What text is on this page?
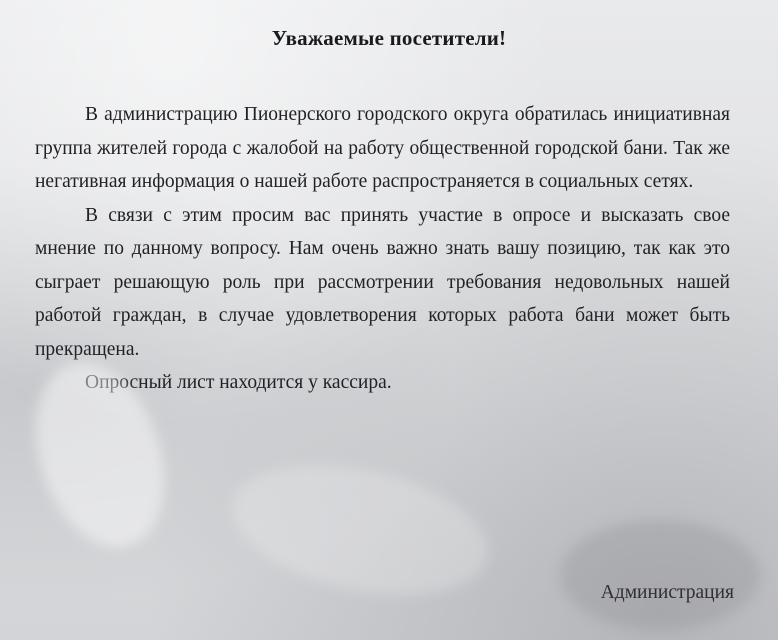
Уважаемые посетители!

В администрацию Пионерского городского округа обратилась инициативная группа жителей города с жалобой на работу общественной городской бани. Так же негативная информация о нашей работе распространяется в социальных сетях.

В связи с этим просим вас принять участие в опросе и высказать свое мнение по данному вопросу. Нам очень важно знать вашу позицию, так как это сыграет решающую роль при рассмотрении требования недовольных нашей работой граждан, в случае удовлетворения которых работа бани может быть прекращена.

Опросный лист находится у кассира.

Администрация
